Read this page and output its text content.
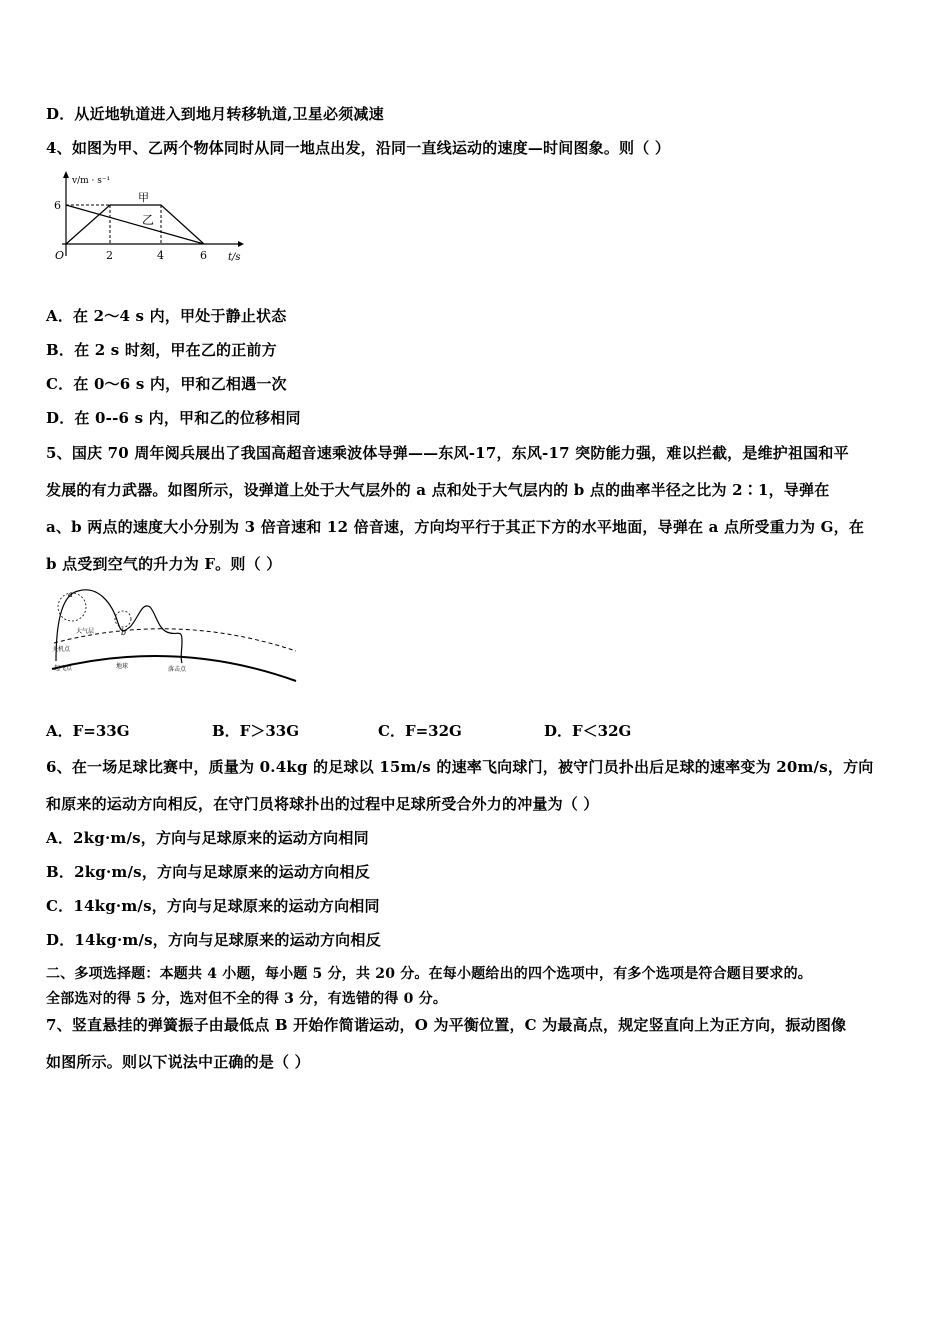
D．从近地轨道进入到地月转移轨道,卫星必须减速
4、如图为甲、乙两个物体同时从同一地点出发，沿同一直线运动的速度—时间图象。则（ ）
v/m · s⁻¹
t/s
O
6
2	4	6
甲
乙
A．在 2～4 s 内，甲处于静止状态
B．在 2 s 时刻，甲在乙的正前方
C．在 0～6 s 内，甲和乙相遇一次
D．在 0--6 s 内，甲和乙的位移相同
5、国庆 70 周年阅兵展出了我国高超音速乘波体导弹——东风-17，东风-17 突防能力强，难以拦截，是维护祖国和平
发展的有力武器。如图所示，设弹道上处于大气层外的 a 点和处于大气层内的 b 点的曲率半径之比为 2∶1，导弹在
a、b 两点的速度大小分别为 3 倍音速和 12 倍音速，方向均平行于其正下方的水平地面，导弹在 a 点所受重力为 G，在
b 点受到空气的升力为 F。则（ ）
a
b
大气层
关机点
起飞点	地球	落击点
A．F=33G	B．F＞33G	C．F=32G	D．F＜32G
6、在一场足球比赛中，质量为 0.4kg 的足球以 15m/s 的速率飞向球门，被守门员扑出后足球的速率变为 20m/s，方向
和原来的运动方向相反，在守门员将球扑出的过程中足球所受合外力的冲量为（ ）
A．2kg·m/s，方向与足球原来的运动方向相同
B．2kg·m/s，方向与足球原来的运动方向相反
C．14kg·m/s，方向与足球原来的运动方向相同
D．14kg·m/s，方向与足球原来的运动方向相反
二、多项选择题：本题共 4 小题，每小题 5 分，共 20 分。在每小题给出的四个选项中，有多个选项是符合题目要求的。
全部选对的得 5 分，选对但不全的得 3 分，有选错的得 0 分。
7、竖直悬挂的弹簧振子由最低点 B 开始作简谐运动，O 为平衡位置，C 为最高点，规定竖直向上为正方向，振动图像
如图所示。则以下说法中正确的是（ ）
